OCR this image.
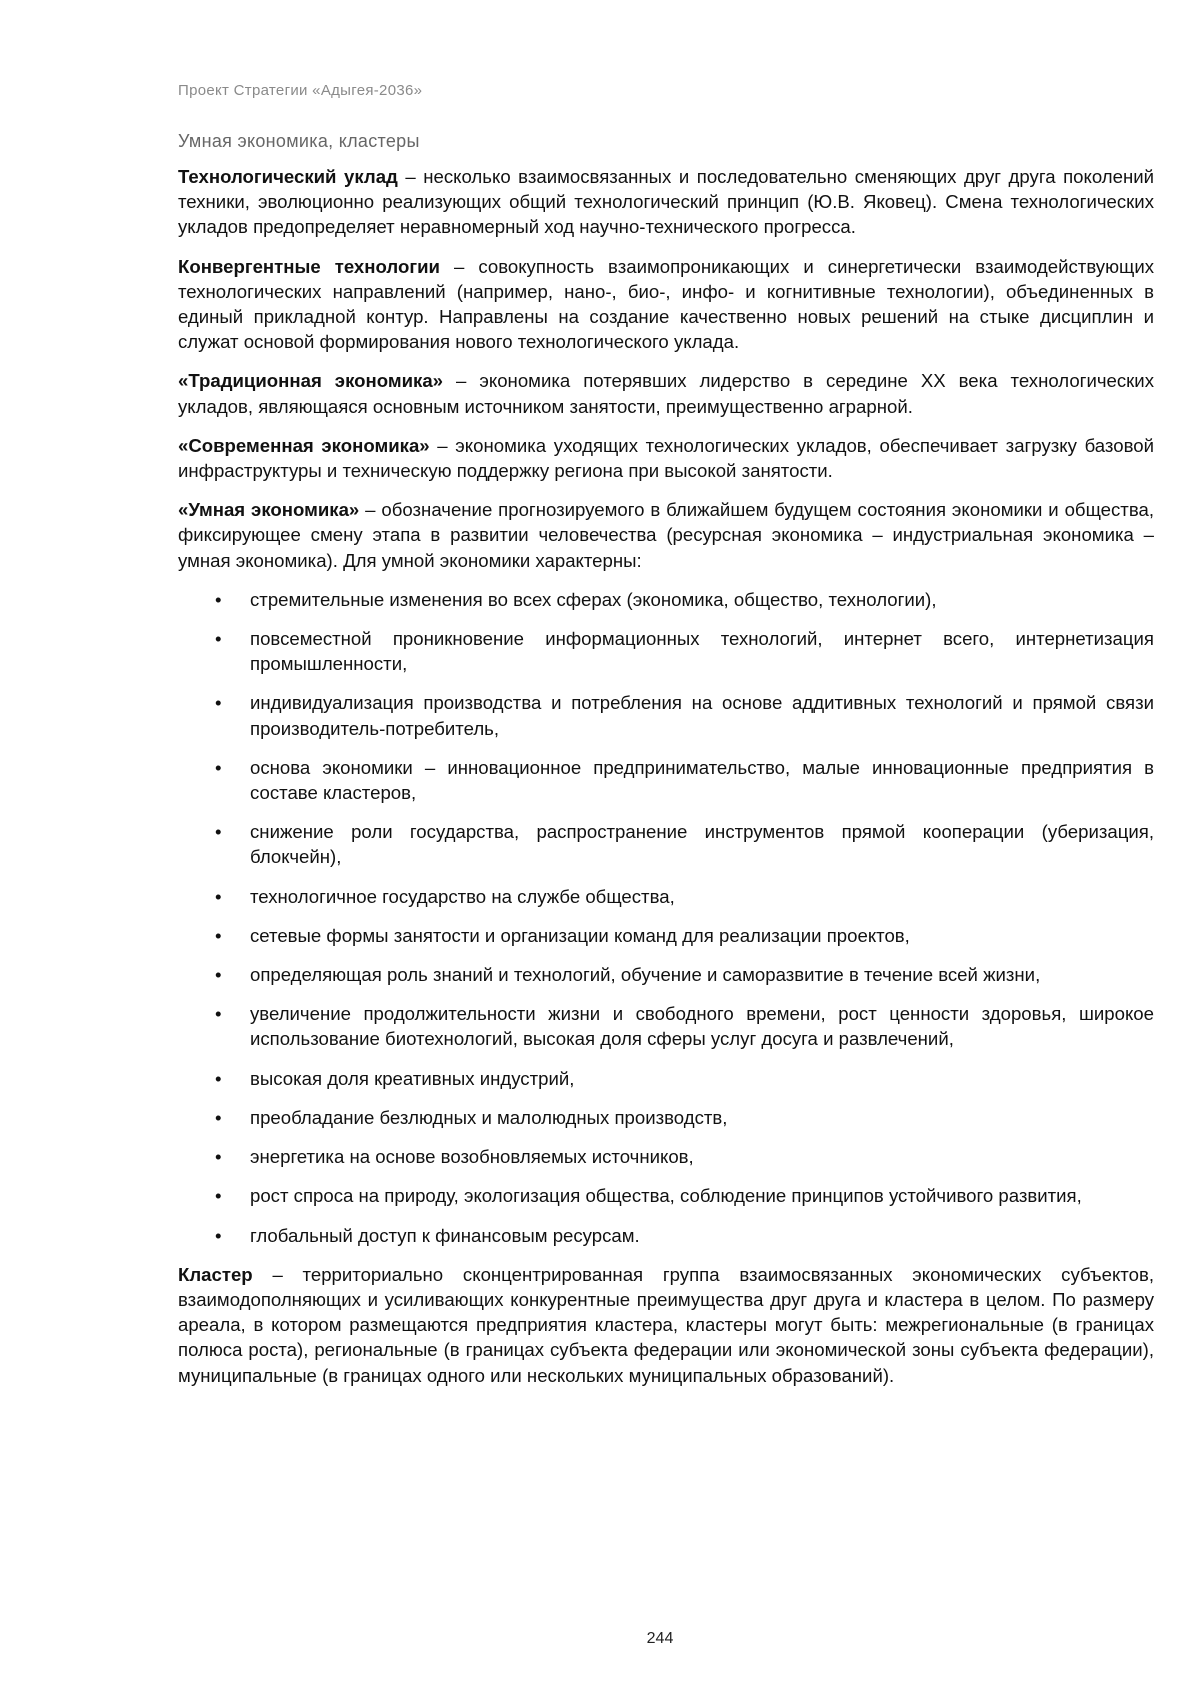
Проект Стратегии «Адыгея-2036»
Умная экономика, кластеры

Технологический уклад – несколько взаимосвязанных и последовательно сменяющих друг друга поколений техники, эволюционно реализующих общий технологический принцип (Ю.В. Яковец). Смена технологических укладов предопределяет неравномерный ход научно-технического прогресса.

Конвергентные технологии – совокупность взаимопроникающих и синергетически взаимодействующих технологических направлений (например, нано-, био-, инфо- и когнитивные технологии), объединенных в единый прикладной контур. Направлены на создание качественно новых решений на стыке дисциплин и служат основой формирования нового технологического уклада.

«Традиционная экономика» – экономика потерявших лидерство в середине XX века технологических укладов, являющаяся основным источником занятости, преимущественно аграрной.

«Современная экономика» – экономика уходящих технологических укладов, обеспечивает загрузку базовой инфраструктуры и техническую поддержку региона при высокой занятости.

«Умная экономика» – обозначение прогнозируемого в ближайшем будущем состояния экономики и общества, фиксирующее смену этапа в развитии человечества (ресурсная экономика – индустриальная экономика – умная экономика). Для умной экономики характерны:

• стремительные изменения во всех сферах (экономика, общество, технологии),
• повсеместной проникновение информационных технологий, интернет всего, интернетизация промышленности,
• индивидуализация производства и потребления на основе аддитивных технологий и прямой связи производитель-потребитель,
• основа экономики – инновационное предпринимательство, малые инновационные предприятия в составе кластеров,
• снижение роли государства, распространение инструментов прямой кооперации (уберизация, блокчейн),
• технологичное государство на службе общества,
• сетевые формы занятости и организации команд для реализации проектов,
• определяющая роль знаний и технологий, обучение и саморазвитие в течение всей жизни,
• увеличение продолжительности жизни и свободного времени, рост ценности здоровья, широкое использование биотехнологий, высокая доля сферы услуг досуга и развлечений,
• высокая доля креативных индустрий,
• преобладание безлюдных и малолюдных производств,
• энергетика на основе возобновляемых источников,
• рост спроса на природу, экологизация общества, соблюдение принципов устойчивого развития,
• глобальный доступ к финансовым ресурсам.

Кластер – территориально сконцентрированная группа взаимосвязанных экономических субъектов, взаимодополняющих и усиливающих конкурентные преимущества друг друга и кластера в целом. По размеру ареала, в котором размещаются предприятия кластера, кластеры могут быть: межрегиональные (в границах полюса роста), региональные (в границах субъекта федерации или экономической зоны субъекта федерации), муниципальные (в границах одного или нескольких муниципальных образований).

244
